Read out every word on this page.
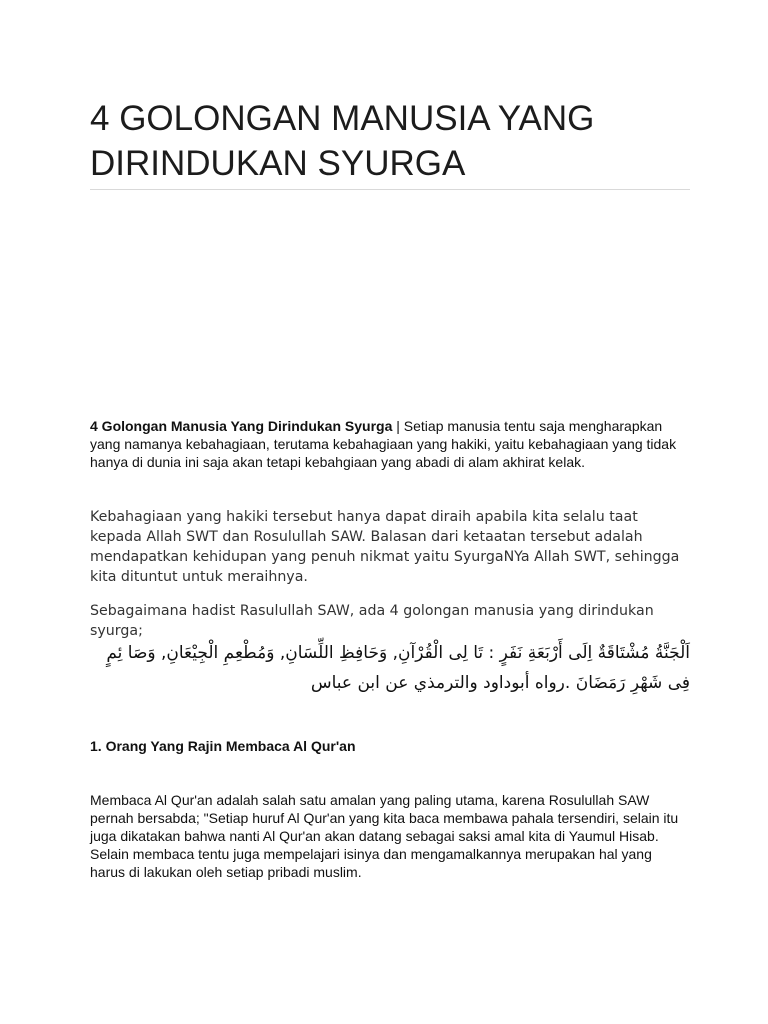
4 GOLONGAN MANUSIA YANG DIRINDUKAN SYURGA

4 Golongan Manusia Yang Dirindukan Syurga | Setiap manusia tentu saja mengharapkan yang namanya kebahagiaan, terutama kebahagiaan yang hakiki, yaitu kebahagiaan yang tidak hanya di dunia ini saja akan tetapi kebahgiaan yang abadi di alam akhirat kelak.

Kebahagiaan yang hakiki tersebut hanya dapat diraih apabila kita selalu taat kepada Allah SWT dan Rosulullah SAW. Balasan dari ketaatan tersebut adalah mendapatkan kehidupan yang penuh nikmat yaitu SyurgaNYa Allah SWT, sehingga kita dituntut untuk meraihnya.

Sebagaimana hadist Rasulullah SAW, ada 4 golongan manusia yang dirindukan syurga;

اَلْجَنَّةُ مُشْتَاقَةٌ اِلَى أَرْبَعَةِ نَفَرٍ : تَا لِى الْقُرْآنِ, وَحَافِظِ اللِّسَانِ, وَمُطْعِمِ الْجِيْعَانِ, وَصَا ئِمٍ فِى شَهْرِ رَمَضَانَ .رواه أبوداود والترمذي عن ابن عباس

1. Orang Yang Rajin Membaca Al Qur'an

Membaca Al Qur'an adalah salah satu amalan yang paling utama, karena Rosulullah SAW pernah bersabda; "Setiap huruf Al Qur'an yang kita baca membawa pahala tersendiri, selain itu juga dikatakan bahwa nanti Al Qur'an akan datang sebagai saksi amal kita di Yaumul Hisab. Selain membaca tentu juga mempelajari isinya dan mengamalkannya merupakan hal yang harus di lakukan oleh setiap pribadi muslim.
